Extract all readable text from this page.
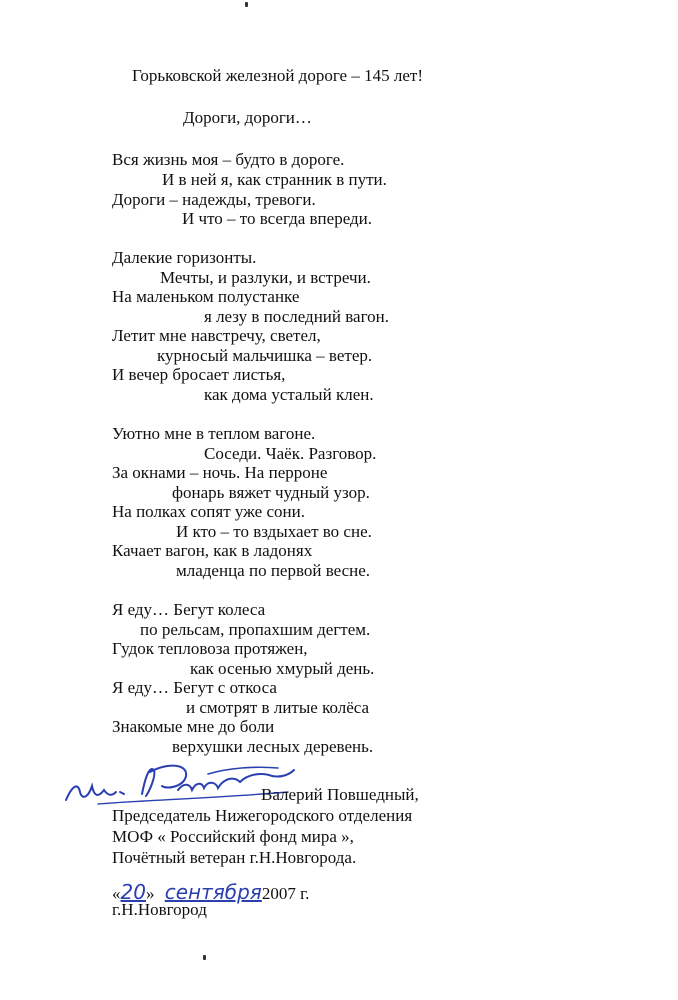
Горьковской железной дороге – 145 лет!
Дороги, дороги…
Вся жизнь моя – будто в дороге.
И в ней я, как странник в пути.
Дороги – надежды, тревоги.
И что – то всегда впереди.
Далекие горизонты.
Мечты, и разлуки, и встречи.
На маленьком полустанке
я лезу в последний вагон.
Летит мне навстречу, светел,
курносый мальчишка – ветер.
И вечер бросает листья,
как дома усталый клен.
Уютно мне в теплом вагоне.
Соседи. Чаёк. Разговор.
За окнами – ночь. На перроне
фонарь вяжет чудный узор.
На полках сопят уже сони.
И кто – то вздыхает во сне.
Качает вагон, как в ладонях
младенца по первой весне.
Я еду… Бегут колеса
по рельсам, пропахшим дегтем.
Гудок тепловоза протяжен,
как осенью хмурый день.
Я еду… Бегут с откоса
и смотрят в литые колёса
Знакомые мне до боли
верхушки лесных деревень.
Валерий Повшедный,
Председатель Нижегородского отделения
МОФ « Российский фонд мира »,
Почётный ветеран г.Н.Новгорода.
«20» сентября2007 г.
г.Н.Новгород
